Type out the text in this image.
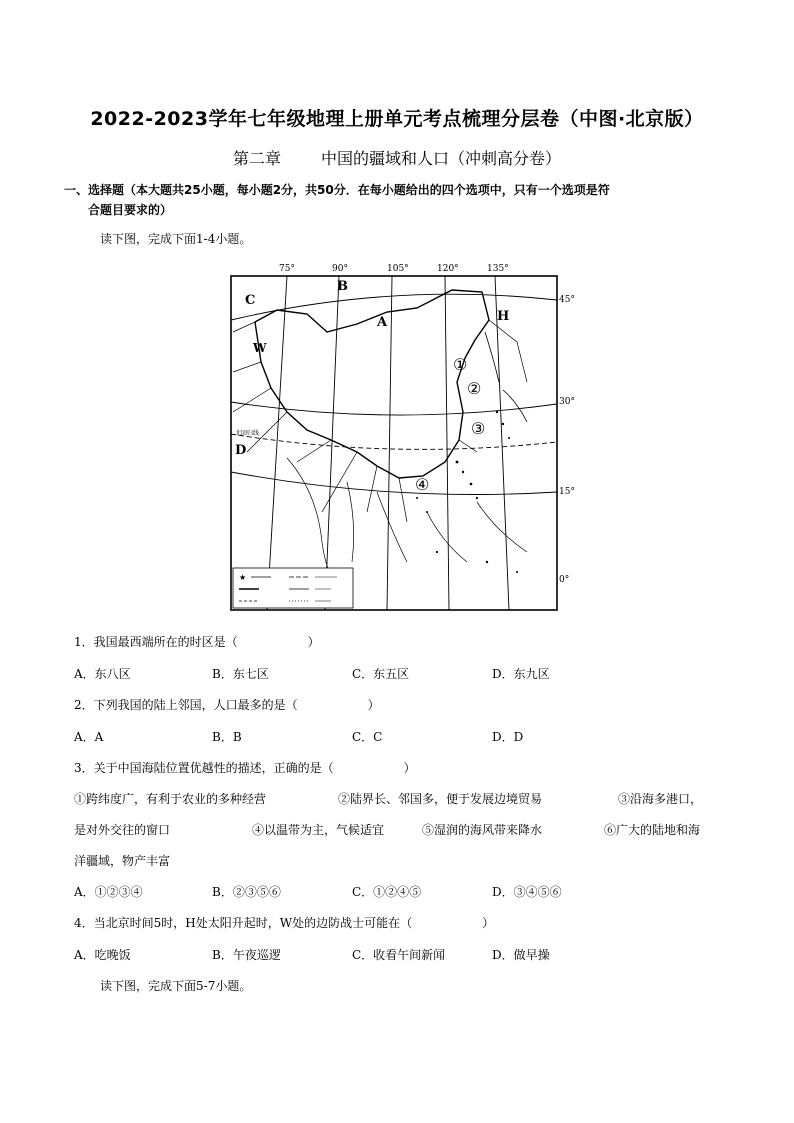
2022-2023学年七年级地理上册单元考点梳理分层卷（中图·北京版）
第二章	中国的疆域和人口（冲刺高分卷）
一、选择题（本大题共25小题，每小题2分，共50分．在每小题给出的四个选项中，只有一个选项是符
合题目要求的）
读下图，完成下面1-4小题。
75°	90°	105°	120°	135°
45°
30°
15°
0°
北回归线
A
B
C
D
W
H
①
②
③
④
★
1．我国最西端所在的时区是（	）
A．东八区	B．东七区	C．东五区	D．东九区
2．下列我国的陆上邻国，人口最多的是（	）
A．A	B．B	C．C	D．D
3．关于中国海陆位置优越性的描述，正确的是（	）
①跨纬度广，有利于农业的多种经营	②陆界长、邻国多，便于发展边境贸易	③沿海多港口，
是对外交往的窗口	④以温带为主，气候适宜	⑤湿润的海风带来降水	⑥广大的陆地和海
洋疆域，物产丰富
A．①②③④	B．②③⑤⑥	C．①②④⑤	D．③④⑤⑥
4．当北京时间5时，H处太阳升起时，W处的边防战士可能在（	）
A．吃晚饭	B．午夜巡逻	C．收看午间新闻	D．做早操
读下图，完成下面5-7小题。
